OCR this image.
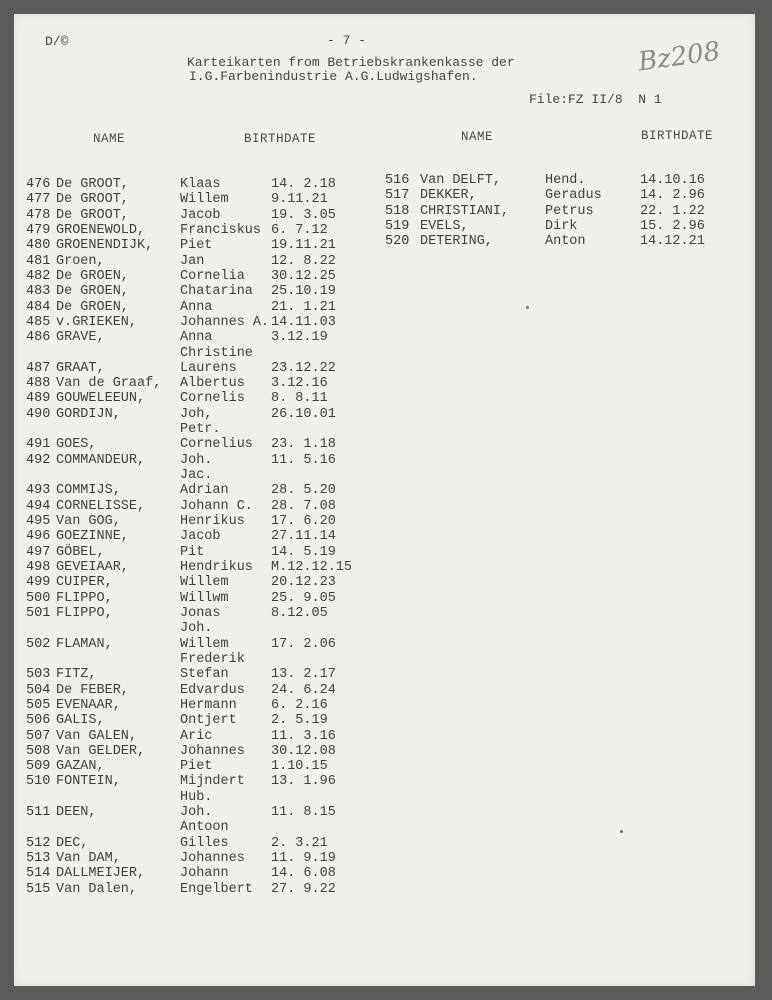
D/©	- 7 -
Karteikarten from Betriebskrankenkasse der
I.G.Farbenindustrie A.G.Ludwigshafen.
File:FZ II/8  N 1
Bz208
NAME	BIRTHDATE	NAME	BIRTHDATE
476 De GROOT,	Klaas	14. 2.18
477 De GROOT,	Willem	9.11.21
478 De GROOT,	Jacob	19. 3.05
479 GROENEWOLD,	Franciskus 6. 7.12
480 GROENENDIJK, Piet	19.11.21
481 Groen,	Jan	12. 8.22
482 De GROEN,	Cornelia 30.12.25
483 De GROEN,	Chatarina 25.10.19
484 De GROEN,	Anna	21. 1.21
485 v.GRIEKEN,	Johannes A. 14.11.03
486 GRAVE,	Anna	3.12.19
Christine
487 GRAAT,	Laurens	23.12.22
488 Van de Graaf, Albertus 3.12.16
489 GOUWELEEUN,	Cornelis 8. 8.11
490 GORDIJN,	Joh,	26.10.01
Petr.
491 GOES,	Cornelius 23. 1.18
492 COMMANDEUR,	Joh.	11. 5.16
Jac.
493 COMMIJS,	Adrian	28. 5.20
494 CORNELISSE,	Johann C. 28. 7.08
495 Van GOG,	Henrikus 17. 6.20
496 GOEZINNE,	Jacob	27.11.14
497 GÖBEL,	Pit	14. 5.19
498 GEVEIAAR,	Hendrikus M.12.12.15
499 CUIPER,	Willem	20.12.23
500 FLIPPO,	Willwm	25. 9.05
501 FLIPPO,	Jonas	8.12.05
Joh.
502 FLAMAN,	Willem	17. 2.06
Frederik
503 FITZ,	Stefan	13. 2.17
504 De FEBER,	Edvardus 24. 6.24
505 EVENAAR,	Hermann	6. 2.16
506 GALIS,	Ontjert	2. 5.19
507 Van GALEN,	Aric	11. 3.16
508 Van GELDER,	Johannes 30.12.08
509 GAZAN,	Piet	1.10.15
510 FONTEIN,	Mijndert 13. 1.96
Hub.
511 DEEN,	Joh.	11. 8.15
Antoon
512 DEC,	Gilles	2. 3.21
513 Van DAM,	Johannes 11. 9.19
514 DALLMEIJER,	Johann	14. 6.08
515 Van Dalen,	Engelbert 27. 9.22
516 Van DELFT,	Hend.	14.10.16
517 DEKKER,	Geradus	14. 2.96
518 CHRISTIANI,	Petrus	22. 1.22
519 EVELS,	Dirk	15. 2.96
520 DETERING,	Anton	14.12.21
